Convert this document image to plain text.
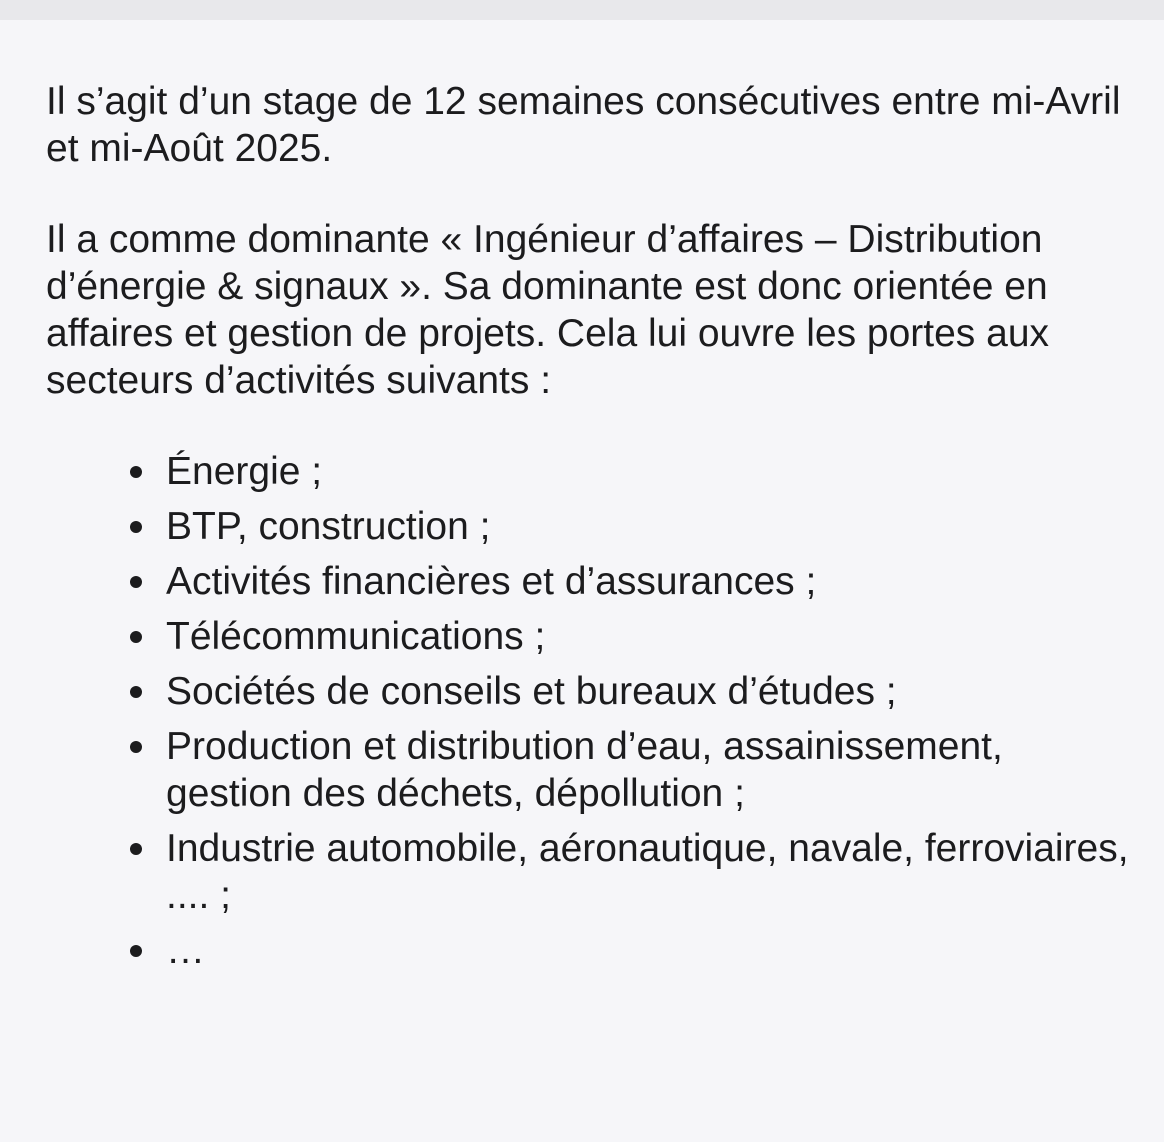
Il s’agit d’un stage de 12 semaines consécutives entre mi-Avril et mi-Août 2025.

Il a comme dominante « Ingénieur d’affaires – Distribution d’énergie & signaux ». Sa dominante est donc orientée en affaires et gestion de projets. Cela lui ouvre les portes aux secteurs d’activités suivants :

Énergie ;
BTP, construction ;
Activités financières et d’assurances ;
Télécommunications ;
Sociétés de conseils et bureaux d’études ;
Production et distribution d’eau, assainissement, gestion des déchets, dépollution ;
Industrie automobile, aéronautique, navale, ferroviaires, .... ;
…
